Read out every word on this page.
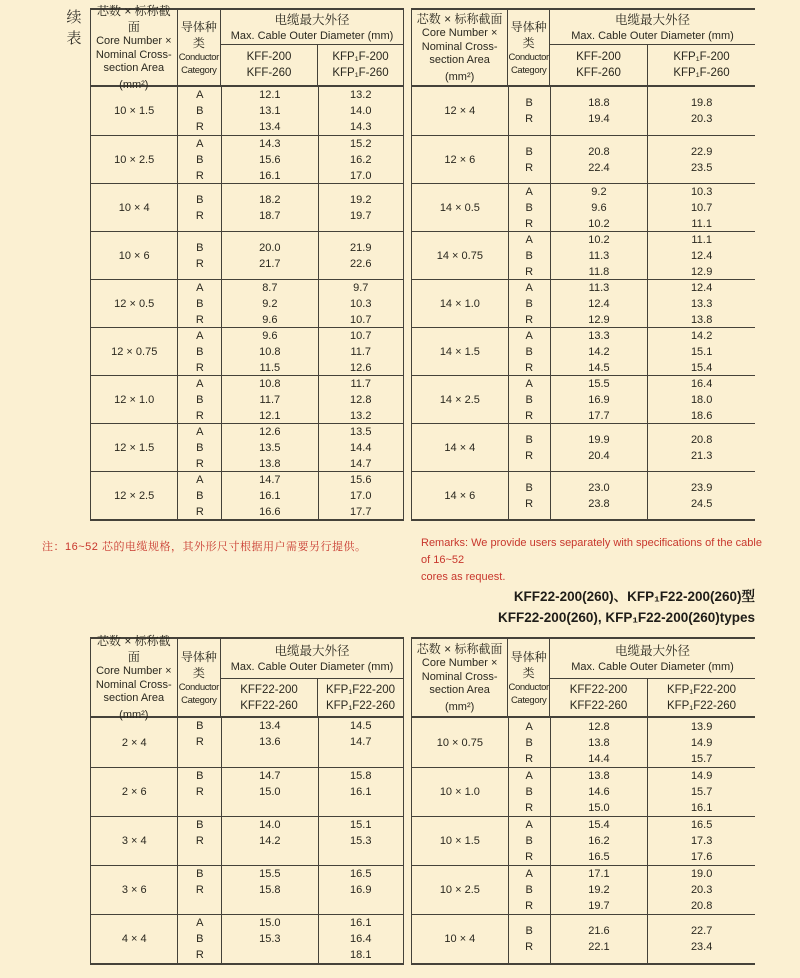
续表
芯数 × 标称截面
Core Number ×
Nominal Cross-
section Area
(mm²)
导体种
类
Conductor
Category
电缆最大外径
Max. Cable Outer Diameter (mm)
KFF-200
KFF-260
KFP₁F-200
KFP₁F-260
10 × 1.5
A
B
R
12.1
13.1
13.4
13.2
14.0
14.3
10 × 2.5
A
B
R
14.3
15.6
16.1
15.2
16.2
17.0
10 × 4
B
R
18.2
18.7
19.2
19.7
10 × 6
B
R
20.0
21.7
21.9
22.6
12 × 0.5
A
B
R
8.7
9.2
9.6
9.7
10.3
10.7
12 × 0.75
A
B
R
9.6
10.8
11.5
10.7
11.7
12.6
12 × 1.0
A
B
R
10.8
11.7
12.1
11.7
12.8
13.2
12 × 1.5
A
B
R
12.6
13.5
13.8
13.5
14.4
14.7
12 × 2.5
A
B
R
14.7
16.1
16.6
15.6
17.0
17.7
芯数 × 标称截面
Core Number ×
Nominal Cross-
section Area
(mm²)
导体种
类
Conductor
Category
电缆最大外径
Max. Cable Outer Diameter (mm)
KFF-200
KFF-260
KFP₁F-200
KFP₁F-260
12 × 4
B
R
18.8
19.4
19.8
20.3
12 × 6
B
R
20.8
22.4
22.9
23.5
14 × 0.5
A
B
R
9.2
9.6
10.2
10.3
10.7
11.1
14 × 0.75
A
B
R
10.2
11.3
11.8
11.1
12.4
12.9
14 × 1.0
A
B
R
11.3
12.4
12.9
12.4
13.3
13.8
14 × 1.5
A
B
R
13.3
14.2
14.5
14.2
15.1
15.4
14 × 2.5
A
B
R
15.5
16.9
17.7
16.4
18.0
18.6
14 × 4
B
R
19.9
20.4
20.8
21.3
14 × 6
B
R
23.0
23.8
23.9
24.5
注：16~52 芯的电缆规格，其外形尺寸根据用户需要另行提供。	Remarks: We provide users separately with specifications of the cable of 16~52
cores as request.
KFF22-200(260)、KFP₁F22-200(260)型
KFF22-200(260), KFP₁F22-200(260)types
芯数 × 标称截面
Core Number ×
Nominal Cross-
section Area
(mm²)
导体种
类
Conductor
Category
电缆最大外径
Max. Cable Outer Diameter (mm)
KFF22-200
KFF22-260
KFP₁F22-200
KFP₁F22-260
2 × 4
B
R
13.4
13.6
14.5
14.7
2 × 6
B
R
14.7
15.0
15.8
16.1
3 × 4
B
R
14.0
14.2
15.1
15.3
3 × 6
B
R
15.5
15.8
16.5
16.9
4 × 4
A
B
R
15.0
15.3
16.1
16.4
18.1
芯数 × 标称截面
Core Number ×
Nominal Cross-
section Area
(mm²)
导体种
类
Conductor
Category
电缆最大外径
Max. Cable Outer Diameter (mm)
KFF22-200
KFF22-260
KFP₁F22-200
KFP₁F22-260
10 × 0.75
A
B
R
12.8
13.8
14.4
13.9
14.9
15.7
10 × 1.0
A
B
R
13.8
14.6
15.0
14.9
15.7
16.1
10 × 1.5
A
B
R
15.4
16.2
16.5
16.5
17.3
17.6
10 × 2.5
A
B
R
17.1
19.2
19.7
19.0
20.3
20.8
10 × 4
B
R
21.6
22.1
22.7
23.4
